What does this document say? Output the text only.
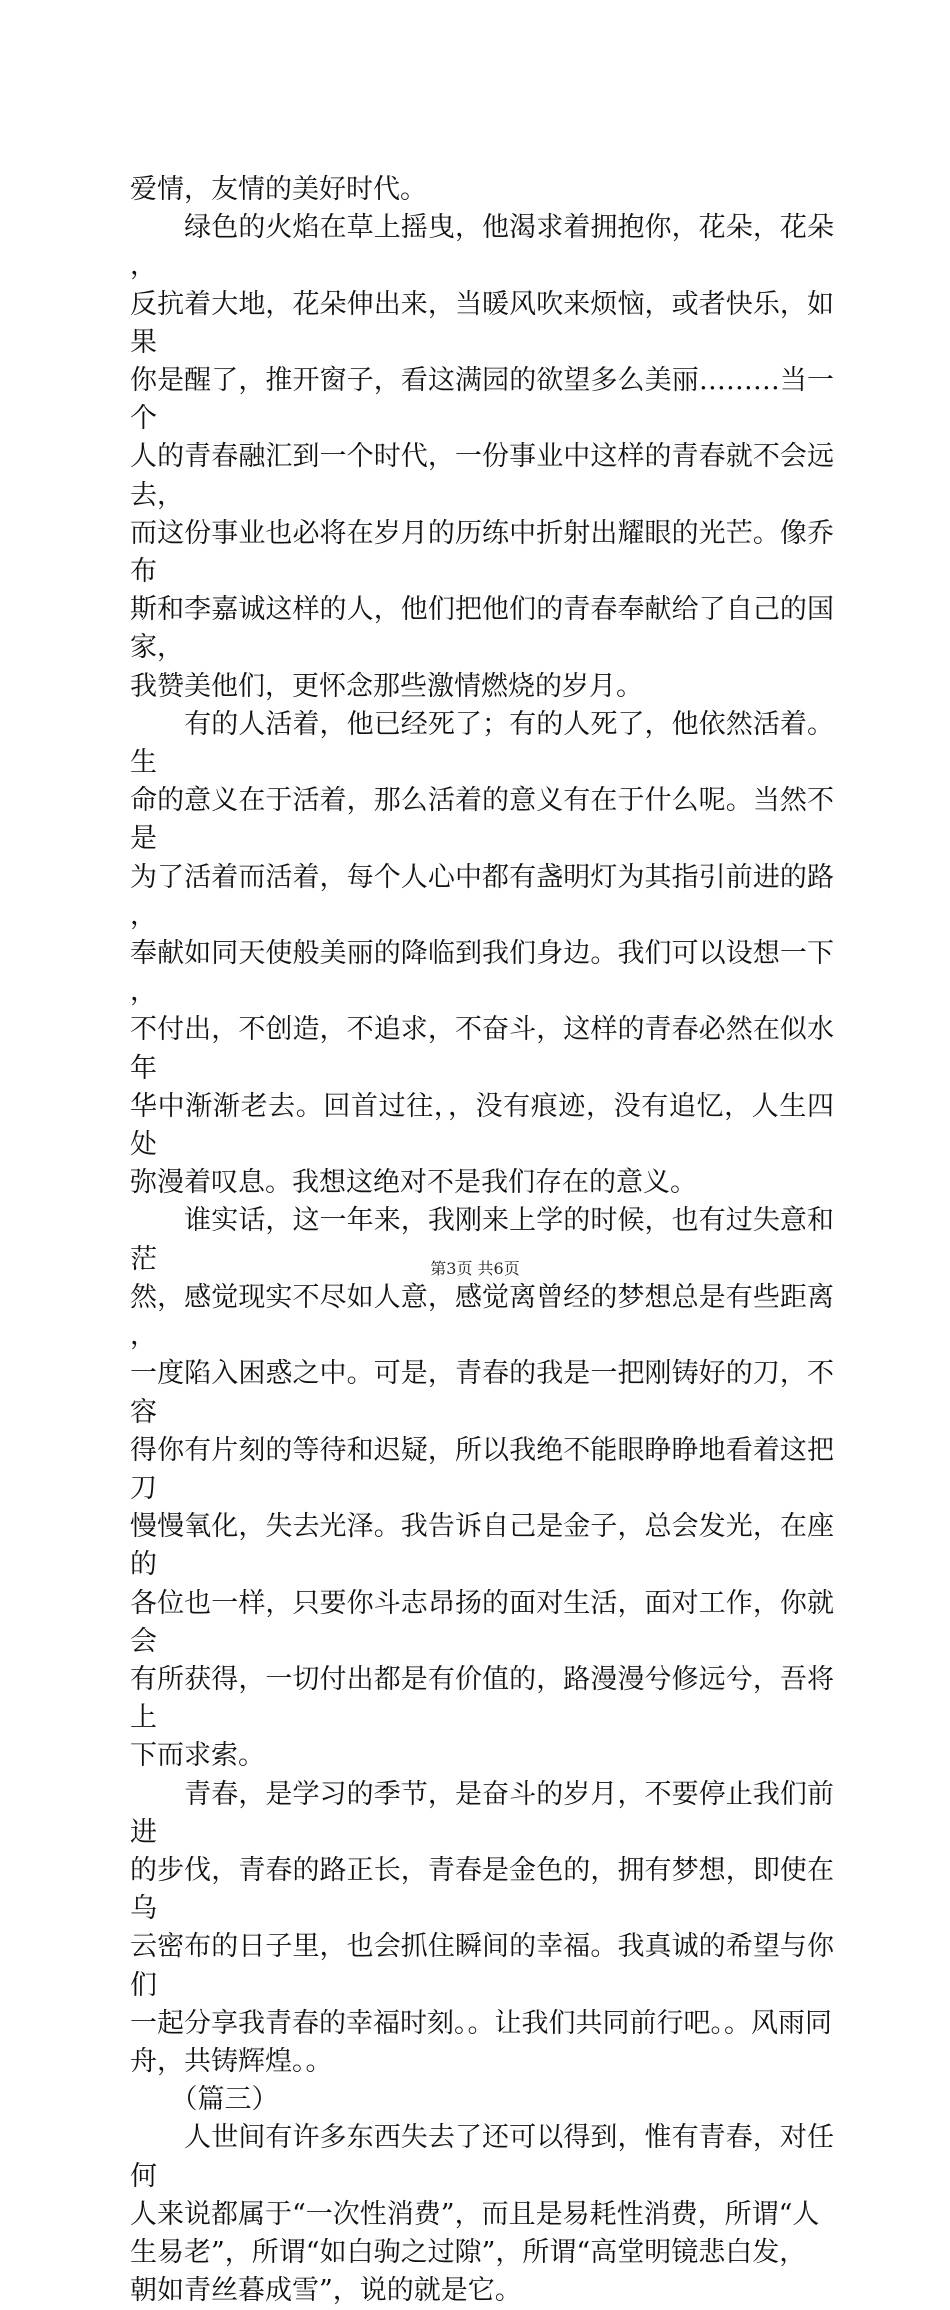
爱情，友情的美好时代。
　　绿色的火焰在草上摇曳，他渴求着拥抱你，花朵，花朵，
反抗着大地，花朵伸出来，当暖风吹来烦恼，或者快乐，如果
你是醒了，推开窗子，看这满园的欲望多么美丽………当一个
人的青春融汇到一个时代，一份事业中这样的青春就不会远去，
而这份事业也必将在岁月的历练中折射出耀眼的光芒。像乔布
斯和李嘉诚这样的人，他们把他们的青春奉献给了自己的国家，
我赞美他们，更怀念那些激情燃烧的岁月。
　　有的人活着，他已经死了；有的人死了，他依然活着。生
命的意义在于活着，那么活着的意义有在于什么呢。当然不是
为了活着而活着，每个人心中都有盏明灯为其指引前进的路，
奉献如同天使般美丽的降临到我们身边。我们可以设想一下，
不付出，不创造，不追求，不奋斗，这样的青春必然在似水年
华中渐渐老去。回首过往，，没有痕迹，没有追忆，人生四处
弥漫着叹息。我想这绝对不是我们存在的意义。
　　谁实话，这一年来，我刚来上学的时候，也有过失意和茫
然，感觉现实不尽如人意，感觉离曾经的梦想总是有些距离，
一度陷入困惑之中。可是，青春的我是一把刚铸好的刀，不容
得你有片刻的等待和迟疑，所以我绝不能眼睁睁地看着这把刀
慢慢氧化，失去光泽。我告诉自己是金子，总会发光，在座的
各位也一样，只要你斗志昂扬的面对生活，面对工作，你就会
有所获得，一切付出都是有价值的，路漫漫兮修远兮，吾将上
下而求索。
　　青春，是学习的季节，是奋斗的岁月，不要停止我们前进
的步伐，青春的路正长，青春是金色的，拥有梦想，即使在乌
云密布的日子里，也会抓住瞬间的幸福。我真诚的希望与你们
一起分享我青春的幸福时刻。。让我们共同前行吧。。风雨同
舟，共铸辉煌。。
　　（篇三）
　　人世间有许多东西失去了还可以得到，惟有青春，对任何
人来说都属于“一次性消费”，而且是易耗性消费，所谓“人
生易老”，所谓“如白驹之过隙”，所谓“高堂明镜悲白发，
朝如青丝暮成雪”，说的就是它。
第3页 共6页
